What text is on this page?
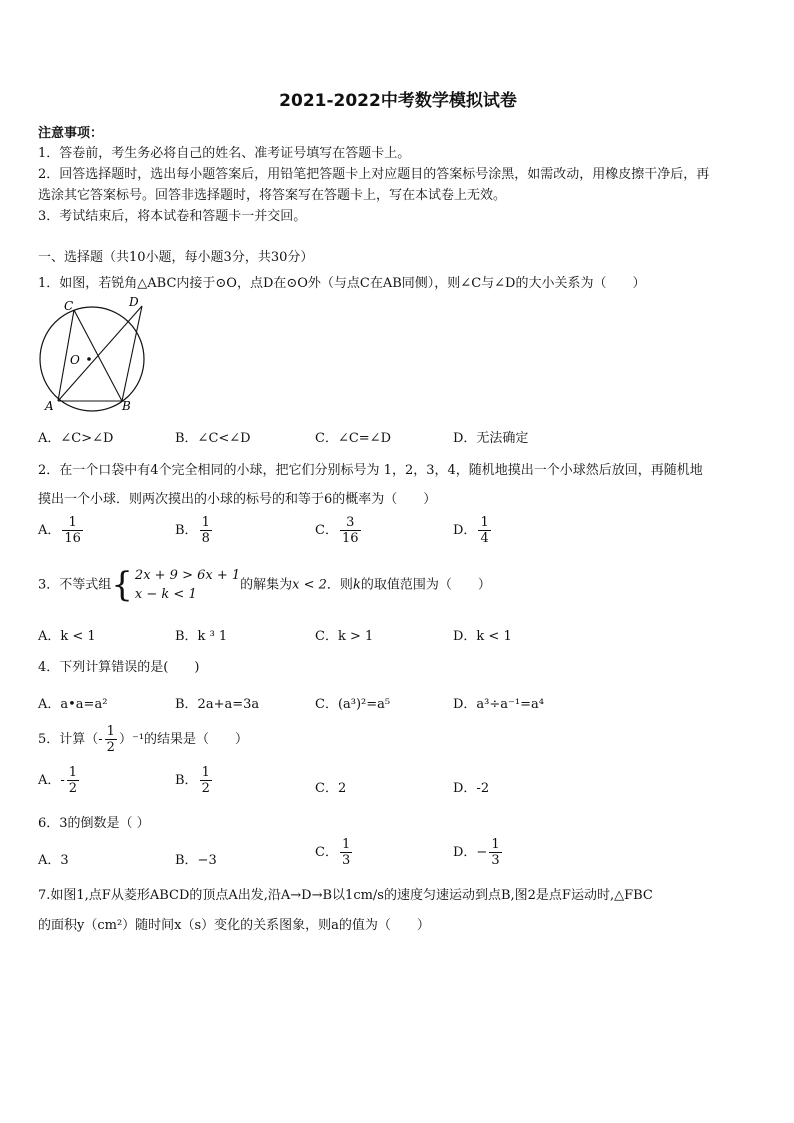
2021-2022中考数学模拟试卷
注意事项：
1．答卷前，考生务必将自己的姓名、准考证号填写在答题卡上。
2．回答选择题时，选出每小题答案后，用铅笔把答题卡上对应题目的答案标号涂黑，如需改动，用橡皮擦干净后，再
选涂其它答案标号。回答非选择题时，将答案写在答题卡上，写在本试卷上无效。
3．考试结束后，将本试卷和答题卡一并交回。
一、选择题（共10小题，每小题3分，共30分）
1．如图，若锐角△ABC内接于⊙O，点D在⊙O外（与点C在AB同侧），则∠C与∠D的大小关系为（　　）
C	D
O
A	B
A．∠C>∠D	B．∠C<∠D	C．∠C=∠D	D．无法确定
2．在一个口袋中有4个完全相同的小球，把它们分别标号为 1，2，3，4，随机地摸出一个小球然后放回，再随机地
摸出一个小球．则两次摸出的小球的标号的和等于6的概率为（　　）
A． $\frac{1}{16}$	B． $\frac{1}{8}$	C． $\frac{3}{16}$	D． $\frac{1}{4}$
3．不等式组 { 2x + 9 > 6x + 1
x − k < 1
的解集为x < 2．则k的取值范围为（　　）
A．k < 1	B．k ³ 1	C．k > 1	D．k < 1
4．下列计算错误的是(　　)
A．a•a=a²	B．2a+a=3a	C．(a³)²=a⁵	D．a³÷a⁻¹=a⁴
5．计算（- $\frac{1}{2} )^{-1}$的结果是（　　）
A．- $\frac{1}{2}$	B． $\frac{1}{2}$	C．2	D．-2
6．3的倒数是（ ）
A．3	B．−3
C． $\frac{1}{3}$	D．− $\frac{1}{3}$
7.如图1,点F从菱形ABCD的顶点A出发,沿A→D→B以1cm/s的速度匀速运动到点B,图2是点F运动时,△FBC
的面积y（cm²）随时间x（s）变化的关系图象，则a的值为（　　）
